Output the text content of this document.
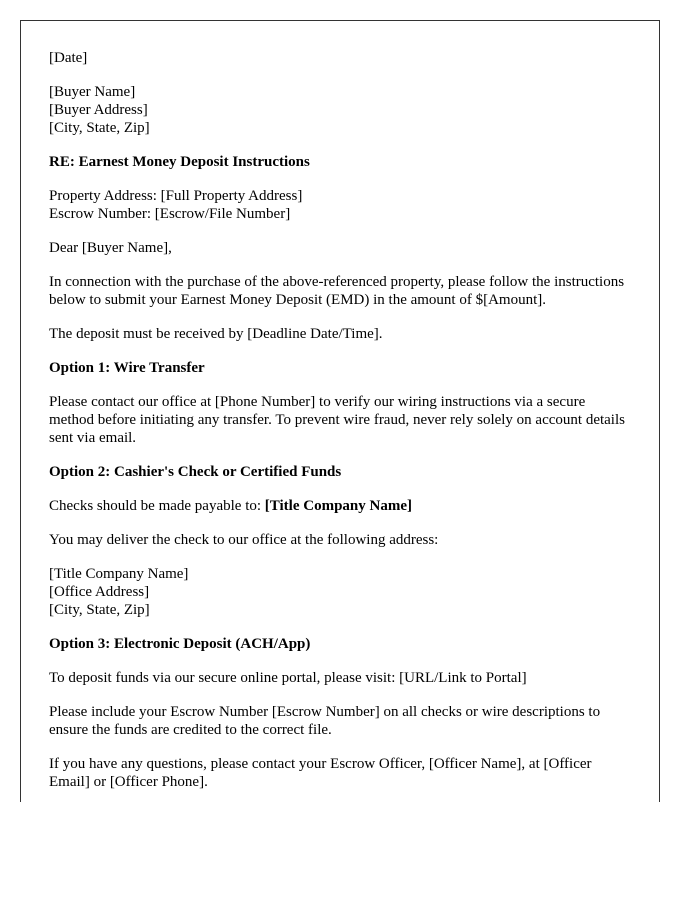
[Date]

[Buyer Name]
[Buyer Address]
[City, State, Zip]

RE: Earnest Money Deposit Instructions

Property Address: [Full Property Address]
Escrow Number: [Escrow/File Number]

Dear [Buyer Name],

In connection with the purchase of the above-referenced property, please follow the instructions below to submit your Earnest Money Deposit (EMD) in the amount of $[Amount].

The deposit must be received by [Deadline Date/Time].

Option 1: Wire Transfer

Please contact our office at [Phone Number] to verify our wiring instructions via a secure method before initiating any transfer. To prevent wire fraud, never rely solely on account details sent via email.

Option 2: Cashier's Check or Certified Funds

Checks should be made payable to: [Title Company Name]

You may deliver the check to our office at the following address:

[Title Company Name]
[Office Address]
[City, State, Zip]

Option 3: Electronic Deposit (ACH/App)

To deposit funds via our secure online portal, please visit: [URL/Link to Portal]

Please include your Escrow Number [Escrow Number] on all checks or wire descriptions to ensure the funds are credited to the correct file.

If you have any questions, please contact your Escrow Officer, [Officer Name], at [Officer Email] or [Officer Phone].
